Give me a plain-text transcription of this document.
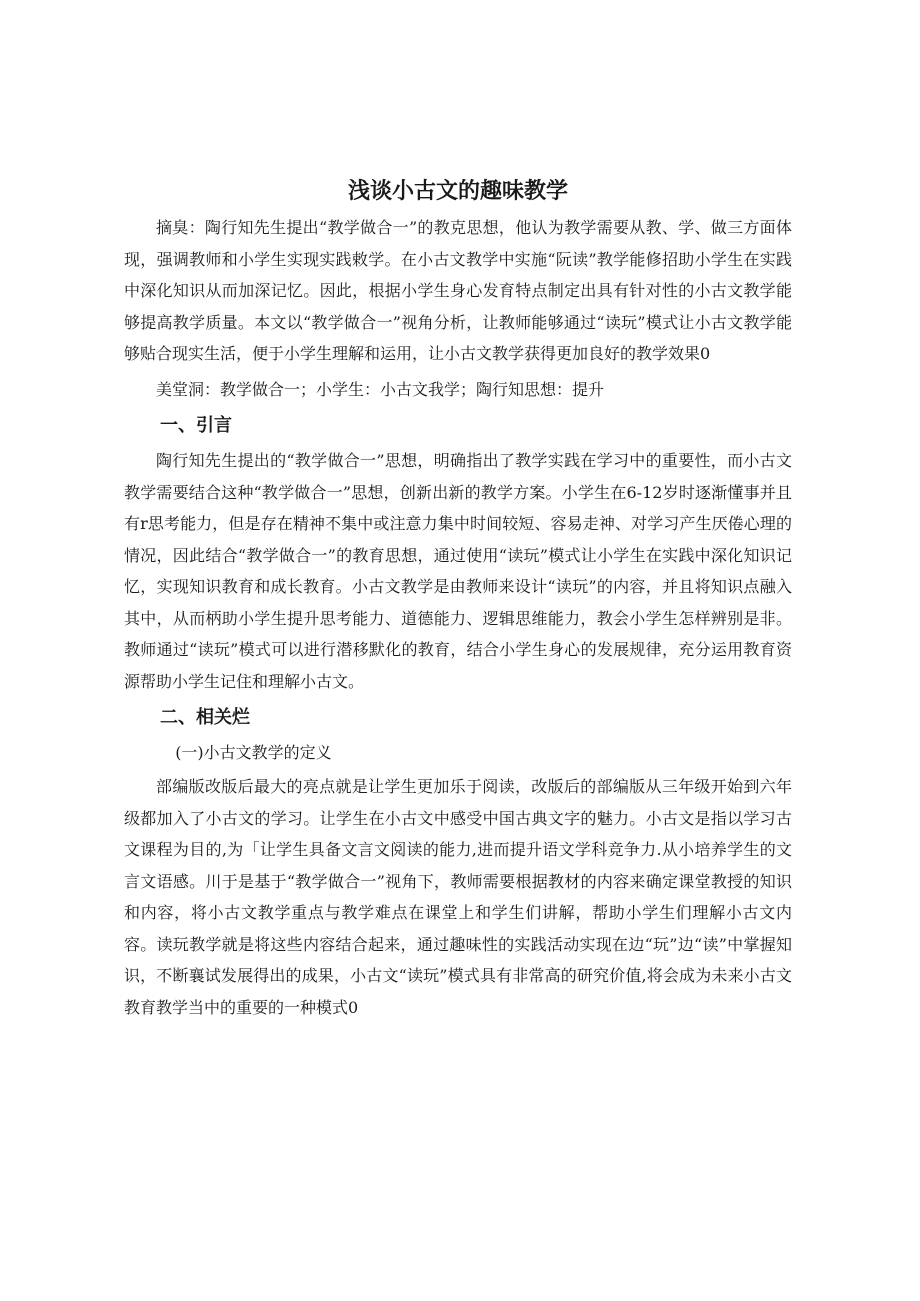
浅谈小古文的趣味教学

摘臭：陶行知先生提出“教学做合一”的教克思想，他认为教学需要从教、学、做三方面体现，强调教师和小学生实现实践敕学。在小古文教学中实施“阮读”教学能修招助小学生在实践中深化知识从而加深记忆。因此，根据小学生身心发育特点制定出具有针对性的小古文教学能够提高教学质量。本文以“教学做合一”视角分析，让教师能够通过“读玩”模式让小古文教学能够贴合现实生活，便于小学生理解和运用，让小古文教学获得更加良好的教学效果0

美堂洞：教学做合一；小学生：小古文我学；陶行知思想：提升

一、引言

陶行知先生提出的“教学做合一”思想，明确指出了教学实践在学习中的重要性，而小古文教学需要结合这种“教学做合一”思想，创新出新的教学方案。小学生在6-12岁时逐渐懂事并且有r思考能力，但是存在精神不集中或注意力集中时间较短、容易走神、对学习产生厌倦心理的情况，因此结合“教学做合一”的教育思想，通过使用“读玩”模式让小学生在实践中深化知识记忆，实现知识教育和成长教育。小古文教学是由教师来设计“读玩”的内容，并且将知识点融入其中，从而柄助小学生提升思考能力、道德能力、逻辑思维能力，教会小学生怎样辨别是非。教师通过“读玩”模式可以进行潜移默化的教育，结合小学生身心的发展规律，充分运用教育资源帮助小学生记住和理解小古文。

二、相关烂
(一)小古文教学的定义

部编版改版后最大的亮点就是让学生更加乐于阅读，改版后的部编版从三年级开始到六年级都加入了小古文的学习。让学生在小古文中感受中国古典文字的魅力。小古文是指以学习古文课程为目的,为「让学生具备文言文阅读的能力,进而提升语文学科竞争力.从小培养学生的文言文语感。川于是基于“教学做合一”视角下，教师需要根据教材的内容来确定课堂教授的知识和内容，将小古文教学重点与教学难点在课堂上和学生们讲解，帮助小学生们理解小古文内容。读玩教学就是将这些内容结合起来，通过趣味性的实践活动实现在边“玩”边“读”中掌握知识，不断襄试发展得出的成果，小古文“读玩”模式具有非常高的研究价值,将会成为未来小古文教育教学当中的重要的一种模式0
